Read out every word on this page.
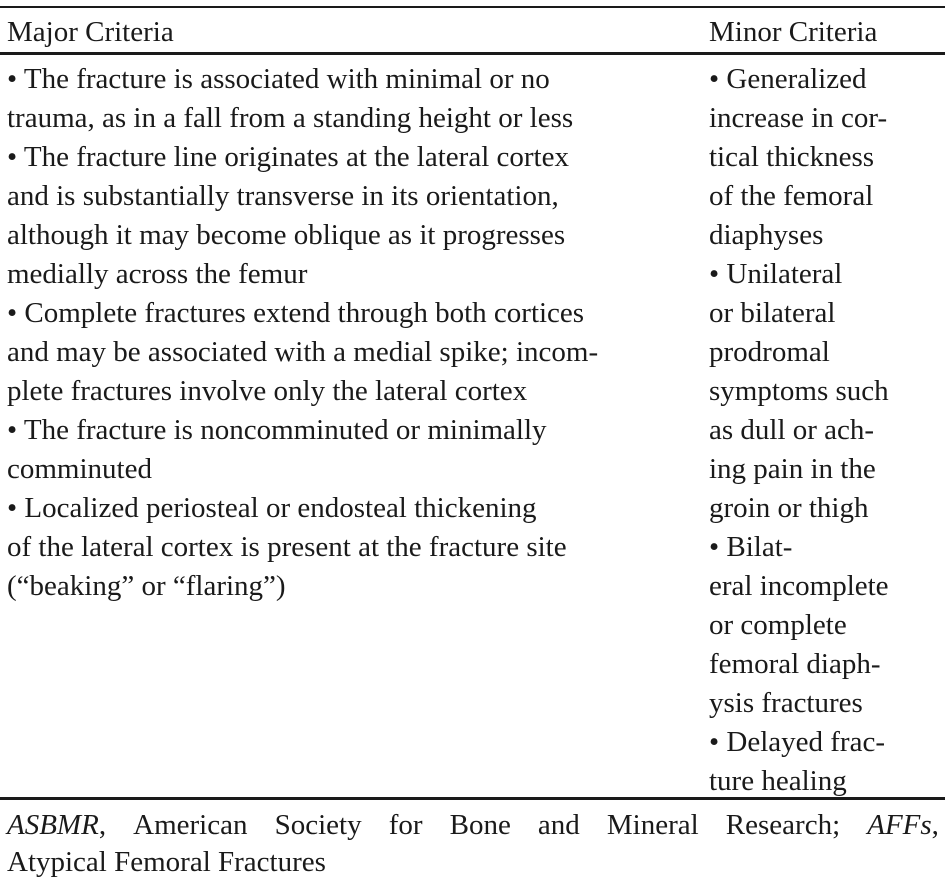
Major Criteria	Minor Criteria
• The fracture is associated with minimal or no
trauma, as in a fall from a standing height or less
• The fracture line originates at the lateral cortex
and is substantially transverse in its orientation,
although it may become oblique as it progresses
medially across the femur
• Complete fractures extend through both cortices
and may be associated with a medial spike; incom-
plete fractures involve only the lateral cortex
• The fracture is noncomminuted or minimally
comminuted
• Localized periosteal or endosteal thickening
of the lateral cortex is present at the fracture site
(“beaking” or “flaring”)
• Generalized
increase in cor-
tical thickness
of the femoral
diaphyses
• Unilateral
or bilateral
prodromal
symptoms such
as dull or ach-
ing pain in the
groin or thigh
• Bilat-
eral incomplete
or complete
femoral diaph-
ysis fractures
• Delayed frac-
ture healing
ASBMR, American Society for Bone and Mineral Research; AFFs,
Atypical Femoral Fractures
